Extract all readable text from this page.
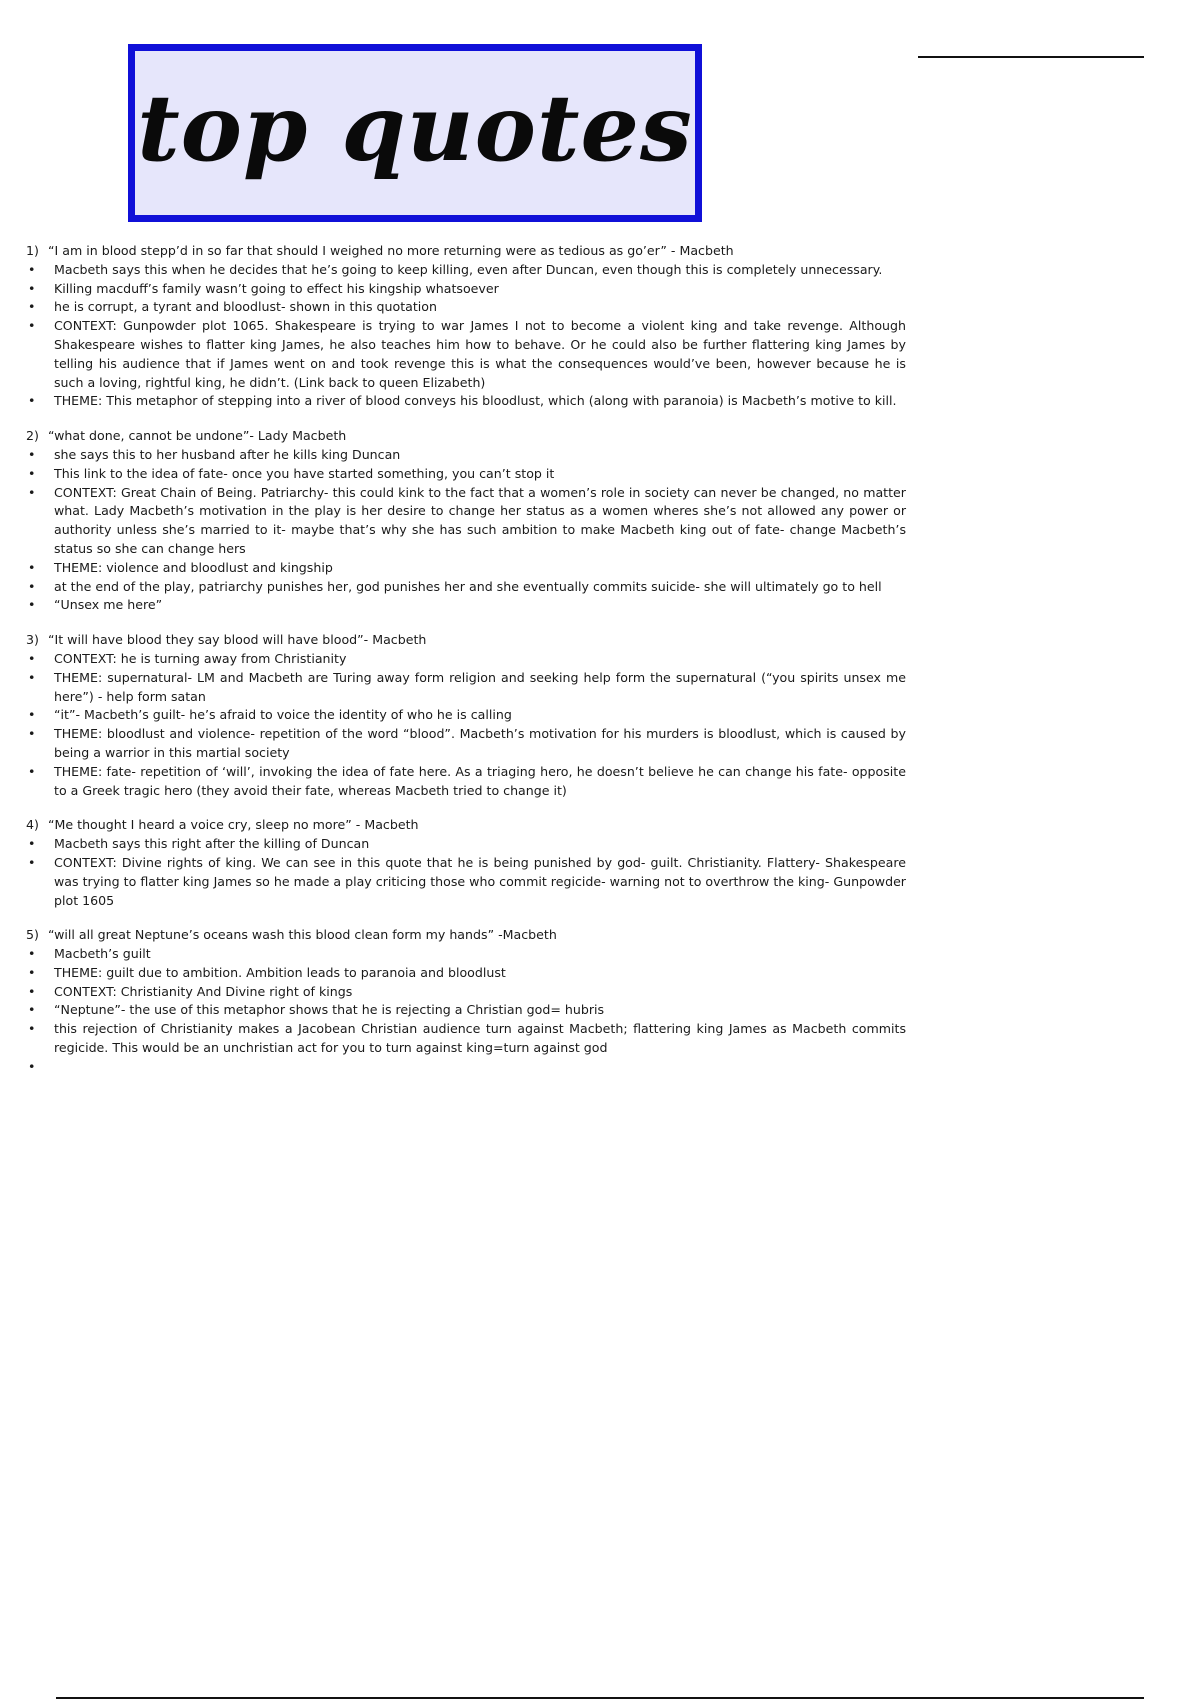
top quotes
1) “I am in blood stepp’d in so far that should I weighed no more returning were as tedious as go’er” - Macbeth
• Macbeth says this when he decides that he’s going to keep killing, even after Duncan, even though this is completely unnecessary.
• Killing macduff’s family wasn’t going to effect his kingship whatsoever
• he is corrupt, a tyrant and bloodlust- shown in this quotation
• CONTEXT: Gunpowder plot 1065. Shakespeare is trying to war James I not to become a violent king and take revenge. Although Shakespeare wishes to flatter king James, he also teaches him how to behave. Or he could also be further flattering king James by telling his audience that if James went on and took revenge this is what the consequences would’ve been, however because he is such a loving, rightful king, he didn’t. (Link back to queen Elizabeth)
• THEME: This metaphor of stepping into a river of blood conveys his bloodlust, which (along with paranoia) is Macbeth’s motive to kill.
2) “what done, cannot be undone”- Lady Macbeth
• she says this to her husband after he kills king Duncan
• This link to the idea of fate- once you have started something, you can’t stop it
• CONTEXT: Great Chain of Being. Patriarchy- this could kink to the fact that a women’s role in society can never be changed, no matter what. Lady Macbeth’s motivation in the play is her desire to change her status as a women wheres she’s not allowed any power or authority unless she’s married to it- maybe that’s why she has such ambition to make Macbeth king out of fate- change Macbeth’s status so she can change hers
• THEME: violence and bloodlust and kingship
• at the end of the play, patriarchy punishes her, god punishes her and she eventually commits suicide- she will ultimately go to hell
• “Unsex me here”
3) “It will have blood they say blood will have blood”- Macbeth
• CONTEXT: he is turning away from Christianity
• THEME: supernatural- LM and Macbeth are Turing away form religion and seeking help form the supernatural (“you spirits unsex me here”) - help form satan
• “it”- Macbeth’s guilt- he’s afraid to voice the identity of who he is calling
• THEME: bloodlust and violence- repetition of the word “blood”. Macbeth’s motivation for his murders is bloodlust, which is caused by being a warrior in this martial society
• THEME: fate- repetition of ‘will’, invoking the idea of fate here. As a triaging hero, he doesn’t believe he can change his fate- opposite to a Greek tragic hero (they avoid their fate, whereas Macbeth tried to change it)
4) “Me thought I heard a voice cry, sleep no more” - Macbeth
• Macbeth says this right after the killing of Duncan
• CONTEXT: Divine rights of king. We can see in this quote that he is being punished by god- guilt. Christianity. Flattery- Shakespeare was trying to flatter king James so he made a play criticing those who commit regicide- warning not to overthrow the king- Gunpowder plot 1605
5) “will all great Neptune’s oceans wash this blood clean form my hands” -Macbeth
• Macbeth’s guilt
• THEME: guilt due to ambition. Ambition leads to paranoia and bloodlust
• CONTEXT: Christianity And Divine right of kings
• “Neptune”- the use of this metaphor shows that he is rejecting a Christian god= hubris
• this rejection of Christianity makes a Jacobean Christian audience turn against Macbeth; flattering king James as Macbeth commits regicide. This would be an unchristian act for you to turn against king=turn against god
•
